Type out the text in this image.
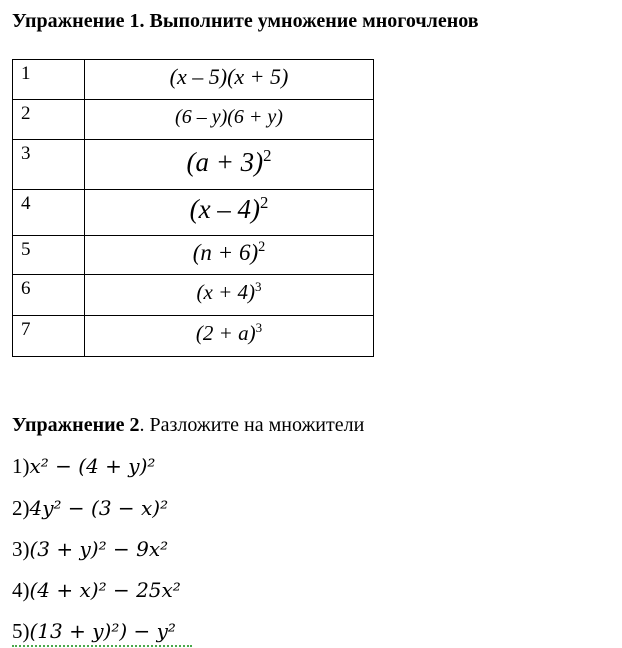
Упражнение 1. Выполните умножение многочленов
1	(x – 5)(x + 5)
2	(6 – y)(6 + y)
3	$(a + 3)^2$
4	(x – 4)$^2$
5	$(n + 6)^2$
6	$(x + 4)^3$
7	$(2 + a)^3$
Упражнение 2. Разложите на множители
1)x² − (4 + y)²
2)4y² − (3 − x)²
3)(3 + y)² − 9x²
4)(4 + x)² − 25x²
5)(13 + y)²) − y²
